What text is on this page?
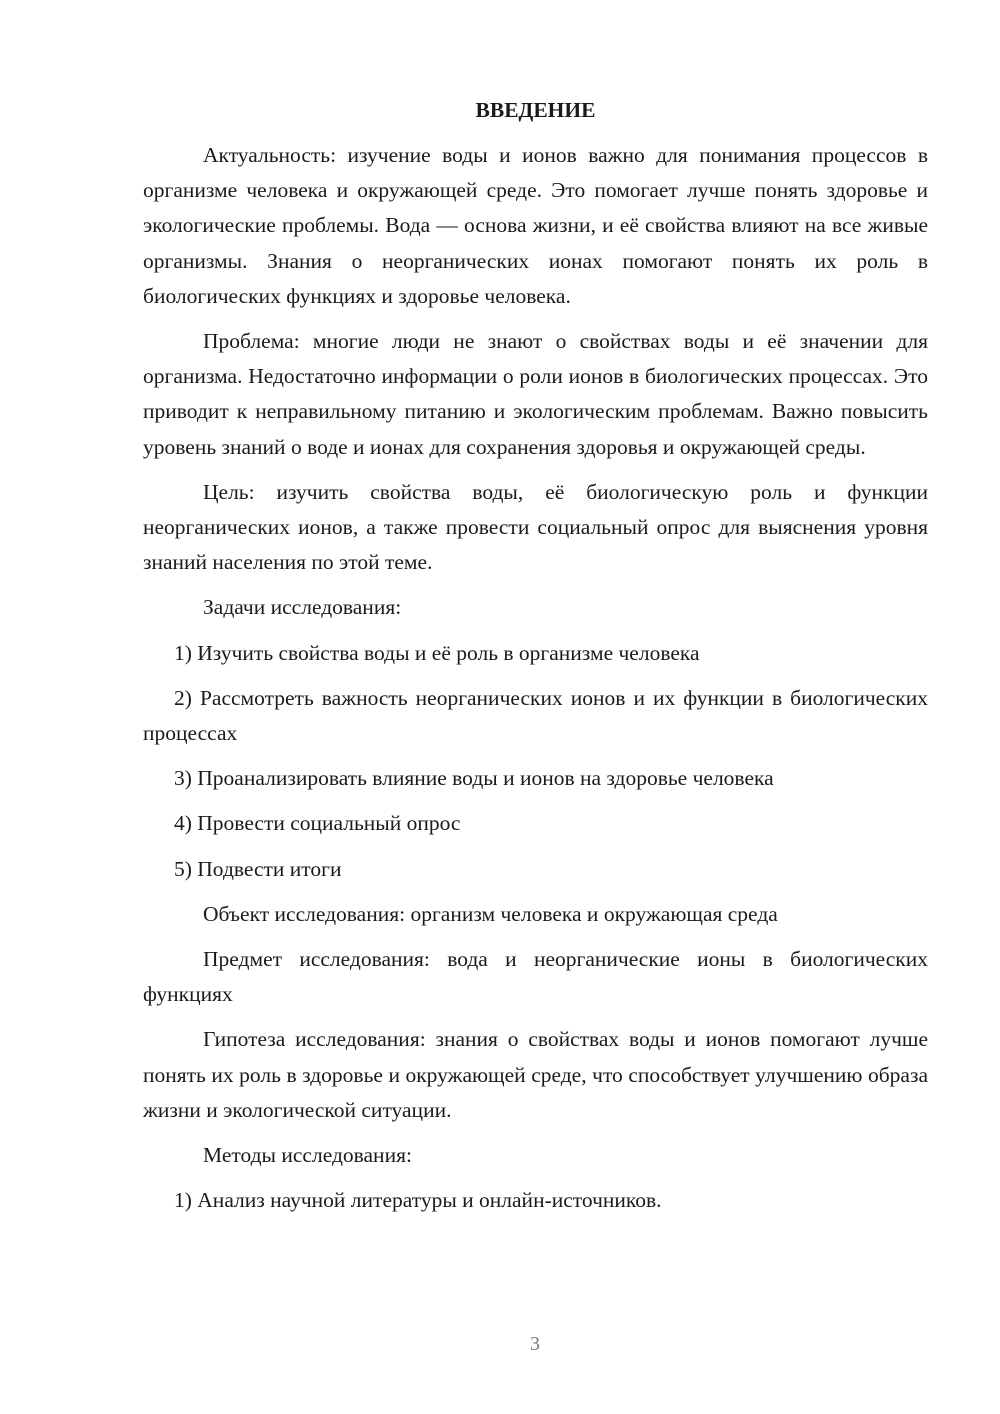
ВВЕДЕНИЕ
Актуальность: изучение воды и ионов важно для понимания процессов в организме человека и окружающей среде. Это помогает лучше понять здоровье и экологические проблемы. Вода — основа жизни, и её свойства влияют на все живые организмы. Знания о неорганических ионах помогают понять их роль в биологических функциях и здоровье человека.
Проблема: многие люди не знают о свойствах воды и её значении для организма. Недостаточно информации о роли ионов в биологических процессах. Это приводит к неправильному питанию и экологическим проблемам. Важно повысить уровень знаний о воде и ионах для сохранения здоровья и окружающей среды.
Цель: изучить свойства воды, её биологическую роль и функции неорганических ионов, а также провести социальный опрос для выяснения уровня знаний населения по этой теме.
Задачи исследования:
1) Изучить свойства воды и её роль в организме человека
2) Рассмотреть важность неорганических ионов и их функции в биологических процессах
3) Проанализировать влияние воды и ионов на здоровье человека
4) Провести социальный опрос
5) Подвести итоги
Объект исследования: организм человека и окружающая среда
Предмет исследования: вода и неорганические ионы в биологических функциях
Гипотеза исследования: знания о свойствах воды и ионов помогают лучше понять их роль в здоровье и окружающей среде, что способствует улучшению образа жизни и экологической ситуации.
Методы исследования:
1) Анализ научной литературы и онлайн-источников.
3
